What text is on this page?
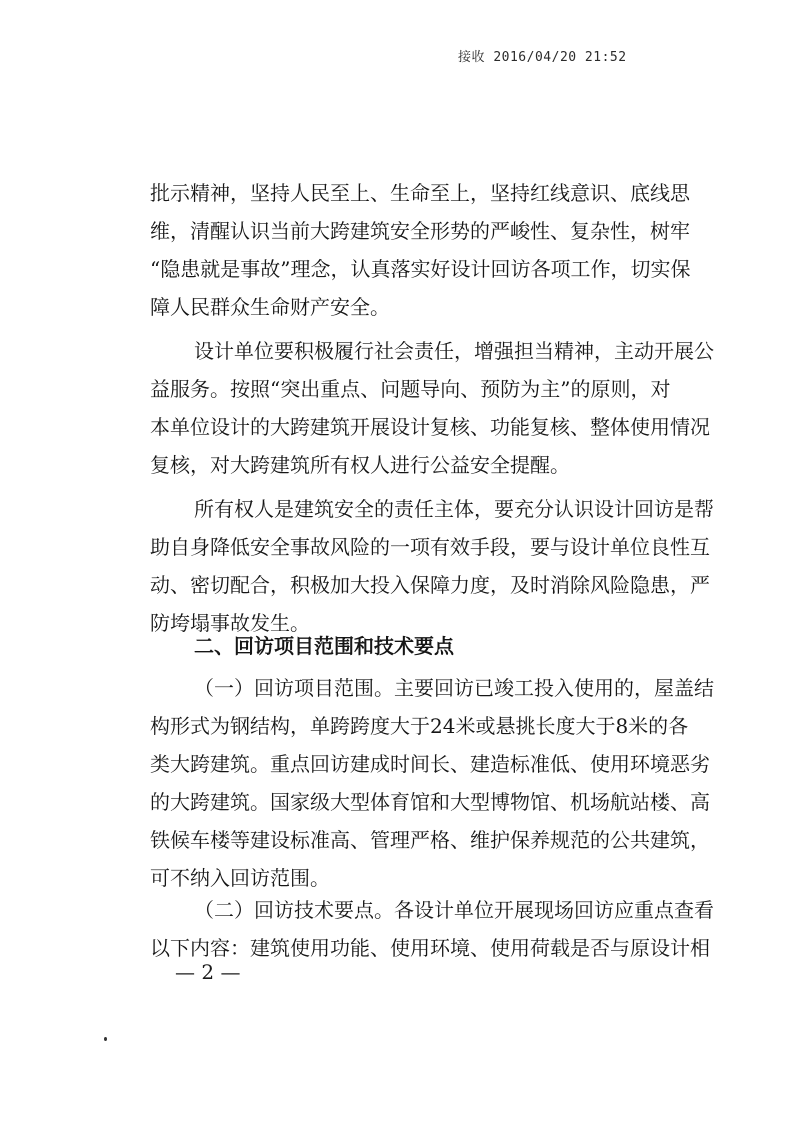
接收 2016/04/20 21:52
批示精神，坚持人民至上、生命至上，坚持红线意识、底线思
维，清醒认识当前大跨建筑安全形势的严峻性、复杂性，树牢
“隐患就是事故”理念，认真落实好设计回访各项工作，切实保
障人民群众生命财产安全。
设计单位要积极履行社会责任，增强担当精神，主动开展公
益服务。按照“突出重点、问题导向、预防为主”的原则，对
本单位设计的大跨建筑开展设计复核、功能复核、整体使用情况
复核，对大跨建筑所有权人进行公益安全提醒。
所有权人是建筑安全的责任主体，要充分认识设计回访是帮
助自身降低安全事故风险的一项有效手段，要与设计单位良性互
动、密切配合，积极加大投入保障力度，及时消除风险隐患，严
防垮塌事故发生。
二、回访项目范围和技术要点
（一）回访项目范围。主要回访已竣工投入使用的，屋盖结
构形式为钢结构，单跨跨度大于24米或悬挑长度大于8米的各
类大跨建筑。重点回访建成时间长、建造标准低、使用环境恶劣
的大跨建筑。国家级大型体育馆和大型博物馆、机场航站楼、高
铁候车楼等建设标准高、管理严格、维护保养规范的公共建筑，
可不纳入回访范围。
（二）回访技术要点。各设计单位开展现场回访应重点查看
以下内容：建筑使用功能、使用环境、使用荷载是否与原设计相
— 2 —
